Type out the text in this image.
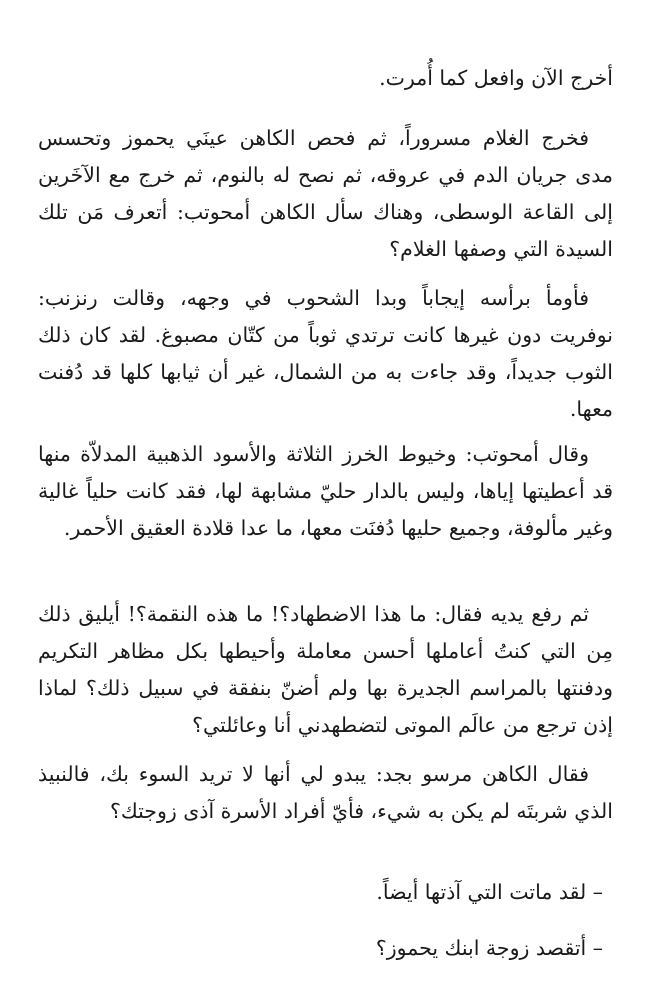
أخرج الآن وافعل كما أُمرت.

فخرج الغلام مسروراً، ثم فحص الكاهن عينَي يحموز وتحسس مدى جريان الدم في عروقه، ثم نصح له بالنوم، ثم خرج مع الآخَرين إلى القاعة الوسطى، وهناك سأل الكاهن أمحوتب: أتعرف مَن تلك السيدة التي وصفها الغلام؟

فأومأ برأسه إيجاباً وبدا الشحوب في وجهه، وقالت رنزنب: نوفريت دون غيرها كانت ترتدي ثوباً من كتّان مصبوغ. لقد كان ذلك الثوب جديداً، وقد جاءت به من الشمال، غير أن ثيابها كلها قد دُفنت معها.

وقال أمحوتب: وخيوط الخرز الثلاثة والأسود الذهبية المدلاّة منها قد أعطيتها إياها، وليس بالدار حليّ مشابهة لها، فقد كانت حلياً غالية وغير مألوفة، وجميع حليها دُفنَت معها، ما عدا قلادة العقيق الأحمر.

ثم رفع يديه فقال: ما هذا الاضطهاد؟! ما هذه النقمة؟! أيليق ذلك مِن التي كنتُ أعاملها أحسن معاملة وأحيطها بكل مظاهر التكريم ودفنتها بالمراسم الجديرة بها ولم أضنّ بنفقة في سبيل ذلك؟ لماذا إذن ترجع من عالَم الموتى لتضطهدني أنا وعائلتي؟

فقال الكاهن مرسو بجد: يبدو لي أنها لا تريد السوء بك، فالنبيذ الذي شربتَه لم يكن به شيء، فأيّ أفراد الأسرة آذى زوجتك؟

– لقد ماتت التي آذتها أيضاً.

– أتقصد زوجة ابنك يحموز؟
